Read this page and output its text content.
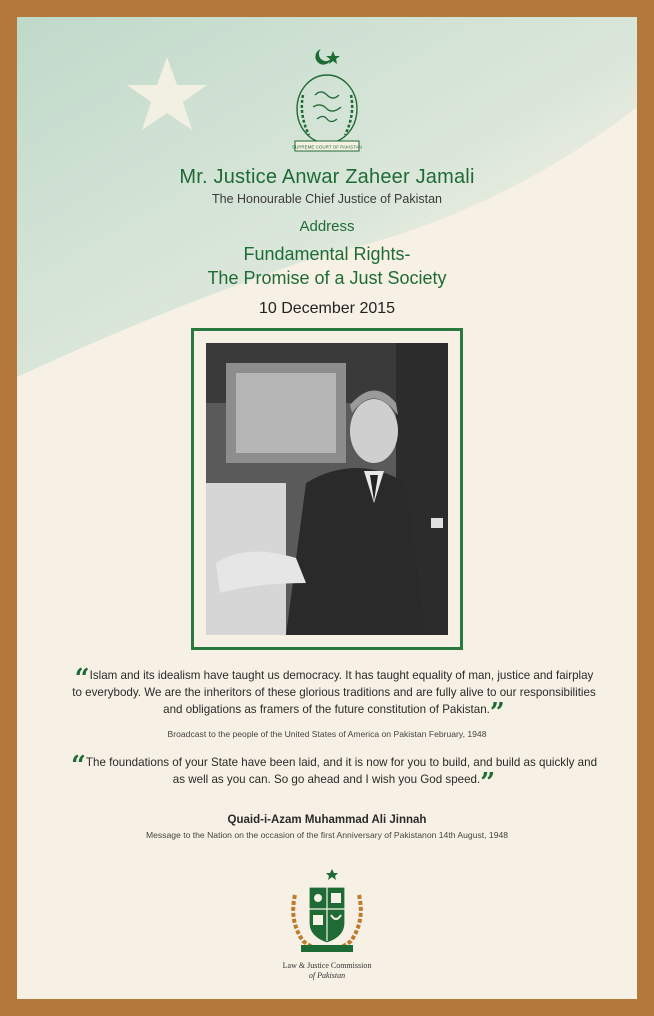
SUPREME COURT OF PAKISTAN
Mr. Justice Anwar Zaheer Jamali
The Honourable Chief Justice of Pakistan
Address
Fundamental Rights-
The Promise of a Just Society
10 December 2015
“Islam and its idealism have taught us democracy. It has taught equality of man, justice and fairplay to everybody. We are the inheritors of these glorious traditions and are fully alive to our responsibilities and obligations as framers of the future constitution of Pakistan.”
Broadcast to the people of the United States of America on Pakistan February, 1948
“The foundations of your State have been laid, and it is now for you to build, and build as quickly and as well as you can. So go ahead and I wish you God speed.”
Quaid-i-Azam Muhammad Ali Jinnah
Message to the Nation on the occasion of the first Anniversary of Pakistanon 14th August, 1948
Law & Justice Commission
of Pakistan
